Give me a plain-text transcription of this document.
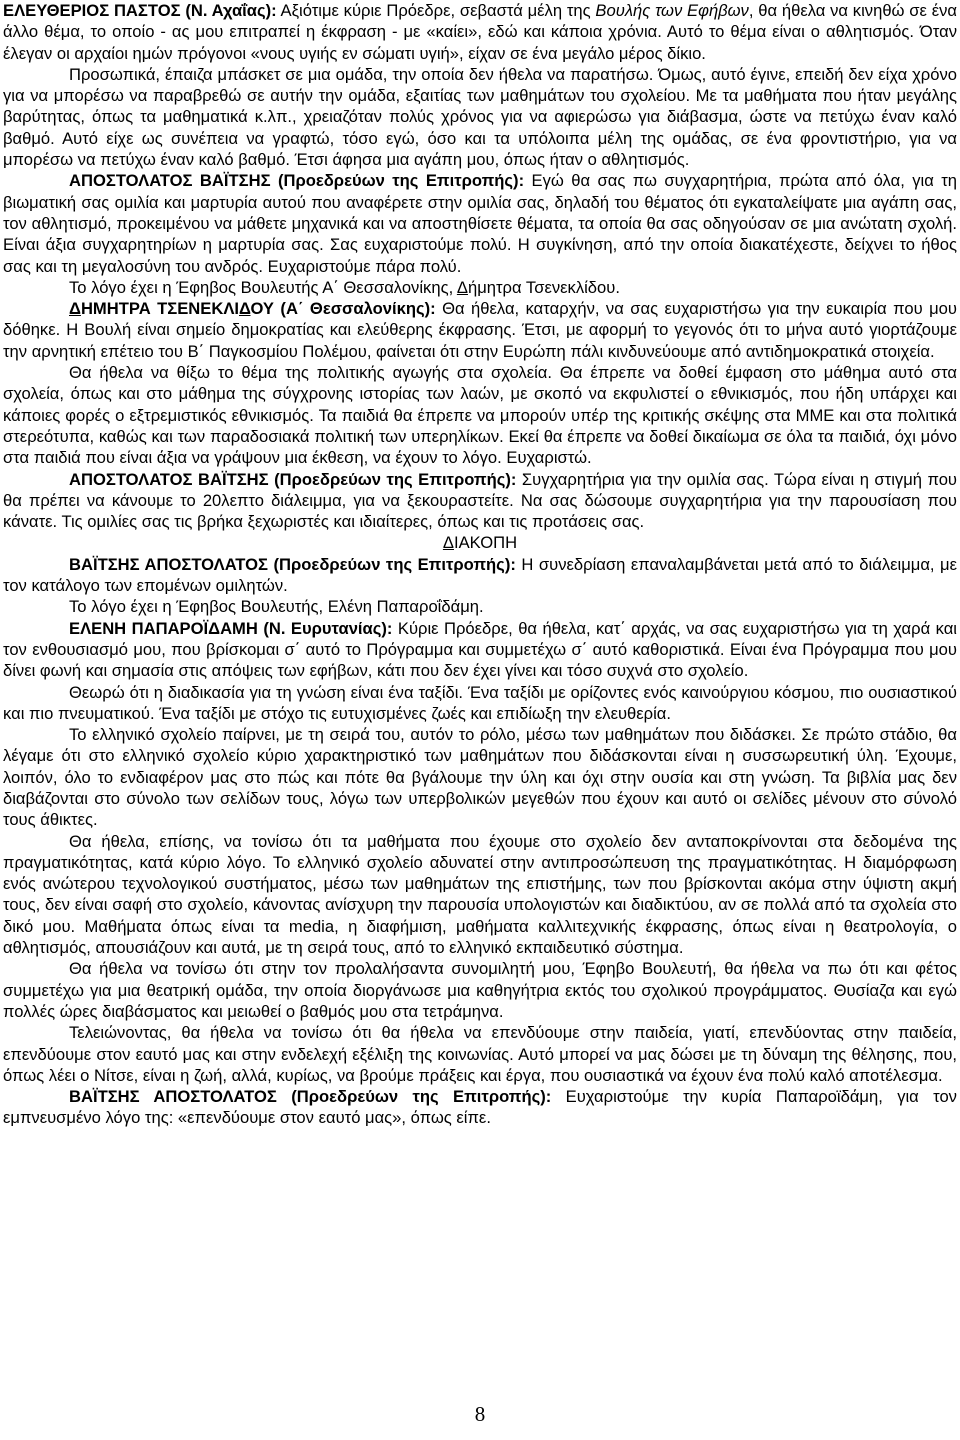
ΕΛΕΥΘΕΡΙΟΣ ΠΑΣΤΟΣ (Ν. Αχαΐας): Αξιότιμε κύριε Πρόεδρε, σεβαστά μέλη της Βουλής των Εφήβων, θα ήθελα να κινηθώ σε ένα άλλο θέμα, το οποίο - ας μου επιτραπεί η έκφραση - με «καίει», εδώ και κάποια χρόνια. Αυτό το θέμα είναι ο αθλητισμός. Όταν έλεγαν οι αρχαίοι ημών πρόγονοι «νους υγιής εν σώματι υγιή», είχαν σε ένα μεγάλο μέρος δίκιο.

Προσωπικά, έπαιζα μπάσκετ σε μια ομάδα, την οποία δεν ήθελα να παρατήσω. Όμως, αυτό έγινε, επειδή δεν είχα χρόνο για να μπορέσω να παραβρεθώ σε αυτήν την ομάδα, εξαιτίας των μαθημάτων του σχολείου. Με τα μαθήματα που ήταν μεγάλης βαρύτητας, όπως τα μαθηματικά κ.λπ., χρειαζόταν πολύς χρόνος για να αφιερώσω για διάβασμα, ώστε να πετύχω έναν καλό βαθμό. Αυτό είχε ως συνέπεια να γραφτώ, τόσο εγώ, όσο και τα υπόλοιπα μέλη της ομάδας, σε ένα φροντιστήριο, για να μπορέσω να πετύχω έναν καλό βαθμό. Έτσι άφησα μια αγάπη μου, όπως ήταν ο αθλητισμός.

ΑΠΟΣΤΟΛΑΤΟΣ ΒΑΪΤΣΗΣ (Προεδρεύων της Επιτροπής): Εγώ θα σας πω συγχαρητήρια, πρώτα από όλα, για τη βιωματική σας ομιλία και μαρτυρία αυτού που αναφέρετε στην ομιλία σας, δηλαδή του θέματος ότι εγκαταλείψατε μια αγάπη σας, τον αθλητισμό, προκειμένου να μάθετε μηχανικά και να αποστηθίσετε θέματα, τα οποία θα σας οδηγούσαν σε μια ανώτατη σχολή. Είναι άξια συγχαρητηρίων η μαρτυρία σας. Σας ευχαριστούμε πολύ. Η συγκίνηση, από την οποία διακατέχεστε, δείχνει το ήθος σας και τη μεγαλοσύνη του ανδρός. Ευχαριστούμε πάρα πολύ.

Το λόγο έχει η Έφηβος Βουλευτής Α΄ Θεσσαλονίκης, Δήμητρα Τσενεκλίδου.

ΔΗΜΗΤΡΑ ΤΣΕΝΕΚΛΙΔΟΥ (Α΄ Θεσσαλονίκης): Θα ήθελα, καταρχήν, να σας ευχαριστήσω για την ευκαιρία που μου δόθηκε. Η Βουλή είναι σημείο δημοκρατίας και ελεύθερης έκφρασης. Έτσι, με αφορμή το γεγονός ότι το μήνα αυτό γιορτάζουμε την αρνητική επέτειο του Β΄ Παγκοσμίου Πολέμου, φαίνεται ότι στην Ευρώπη πάλι κινδυνεύουμε από αντιδημοκρατικά στοιχεία.

Θα ήθελα να θίξω το θέμα της πολιτικής αγωγής στα σχολεία. Θα έπρεπε να δοθεί έμφαση στο μάθημα αυτό στα σχολεία, όπως και στο μάθημα της σύγχρονης ιστορίας των λαών, με σκοπό να εκφυλιστεί ο εθνικισμός, που ήδη υπάρχει και κάποιες φορές ο εξτρεμιστικός εθνικισμός. Τα παιδιά θα έπρεπε να μπορούν υπέρ της κριτικής σκέψης στα ΜΜΕ και στα πολιτικά στερεότυπα, καθώς και των παραδοσιακά πολιτική των υπερηλίκων. Εκεί θα έπρεπε να δοθεί δικαίωμα σε όλα τα παιδιά, όχι μόνο στα παιδιά που είναι άξια να γράψουν μια έκθεση, να έχουν το λόγο. Ευχαριστώ.

ΑΠΟΣΤΟΛΑΤΟΣ ΒΑΪΤΣΗΣ (Προεδρεύων της Επιτροπής): Συγχαρητήρια για την ομιλία σας. Τώρα είναι η στιγμή που θα πρέπει να κάνουμε το 20λεπτο διάλειμμα, για να ξεκουραστείτε. Να σας δώσουμε συγχαρητήρια για την παρουσίαση που κάνατε. Τις ομιλίες σας τις βρήκα ξεχωριστές και ιδιαίτερες, όπως και τις προτάσεις σας.

ΔΙΑΚΟΠΗ

ΒΑΪΤΣΗΣ ΑΠΟΣΤΟΛΑΤΟΣ (Προεδρεύων της Επιτροπής): Η συνεδρίαση επαναλαμβάνεται μετά από το διάλειμμα, με τον κατάλογο των επομένων ομιλητών.

Το λόγο έχει η Έφηβος Βουλευτής, Ελένη Παπαροΐδάμη.

ΕΛΕΝΗ ΠΑΠΑΡΟΪΔΑΜΗ (Ν. Ευρυτανίας): Κύριε Πρόεδρε, θα ήθελα, κατ΄ αρχάς, να σας ευχαριστήσω για τη χαρά και τον ενθουσιασμό μου, που βρίσκομαι σ΄ αυτό το Πρόγραμμα και συμμετέχω σ΄ αυτό καθοριστικά. Είναι ένα Πρόγραμμα που μου δίνει φωνή και σημασία στις απόψεις των εφήβων, κάτι που δεν έχει γίνει και τόσο συχνά στο σχολείο.

Θεωρώ ότι η διαδικασία για τη γνώση είναι ένα ταξίδι. Ένα ταξίδι με ορίζοντες ενός καινούργιου κόσμου, πιο ουσιαστικού και πιο πνευματικού. Ένα ταξίδι με στόχο τις ευτυχισμένες ζωές και επιδίωξη την ελευθερία.

Το ελληνικό σχολείο παίρνει, με τη σειρά του, αυτόν το ρόλο, μέσω των μαθημάτων που διδάσκει. Σε πρώτο στάδιο, θα λέγαμε ότι στο ελληνικό σχολείο κύριο χαρακτηριστικό των μαθημάτων που διδάσκονται είναι η συσσωρευτική ύλη. Έχουμε, λοιπόν, όλο το ενδιαφέρον μας στο πώς και πότε θα βγάλουμε την ύλη και όχι στην ουσία και στη γνώση. Τα βιβλία μας δεν διαβάζονται στο σύνολο των σελίδων τους, λόγω των υπερβολικών μεγεθών που έχουν και αυτό οι σελίδες μένουν στο σύνολό τους άθικτες.

Θα ήθελα, επίσης, να τονίσω ότι τα μαθήματα που έχουμε στο σχολείο δεν ανταποκρίνονται στα δεδομένα της πραγματικότητας, κατά κύριο λόγο. Το ελληνικό σχολείο αδυνατεί στην αντιπροσώπευση της πραγματικότητας. Η διαμόρφωση ενός ανώτερου τεχνολογικού συστήματος, μέσω των μαθημάτων της επιστήμης, των που βρίσκονται ακόμα στην ύψιστη ακμή τους, δεν είναι σαφή στο σχολείο, κάνοντας ανίσχυρη την παρουσία υπολογιστών και διαδικτύου, αν σε πολλά από τα σχολεία στο δικό μου. Μαθήματα όπως είναι τα media, η διαφήμιση, μαθήματα καλλιτεχνικής έκφρασης, όπως είναι η θεατρολογία, ο αθλητισμός, απουσιάζουν και αυτά, με τη σειρά τους, από το ελληνικό εκπαιδευτικό σύστημα.

Θα ήθελα να τονίσω ότι στην τον προλαλήσαντα συνομιλητή μου, Έφηβο Βουλευτή, θα ήθελα να πω ότι και φέτος συμμετέχω για μια θεατρική ομάδα, την οποία διοργάνωσε μια καθηγήτρια εκτός του σχολικού προγράμματος. Θυσίαζα και εγώ πολλές ώρες διαβάσματος και μειωθεί ο βαθμός μου στα τετράμηνα.

Τελειώνοντας, θα ήθελα να τονίσω ότι θα ήθελα να επενδύουμε στην παιδεία, γιατί, επενδύοντας στην παιδεία, επενδύουμε στον εαυτό μας και στην ενδελεχή εξέλιξη της κοινωνίας. Αυτό μπορεί να μας δώσει με τη δύναμη της θέλησης, που, όπως λέει ο Νίτσε, είναι η ζωή, αλλά, κυρίως, να βρούμε πράξεις και έργα, που ουσιαστικά να έχουν ένα πολύ καλό αποτέλεσμα.

ΒΑΪΤΣΗΣ ΑΠΟΣΤΟΛΑΤΟΣ (Προεδρεύων της Επιτροπής): Ευχαριστούμε την κυρία Παπαροϊδάμη, για τον εμπνευσμένο λόγο της: «επενδύουμε στον εαυτό μας», όπως είπε.

8
